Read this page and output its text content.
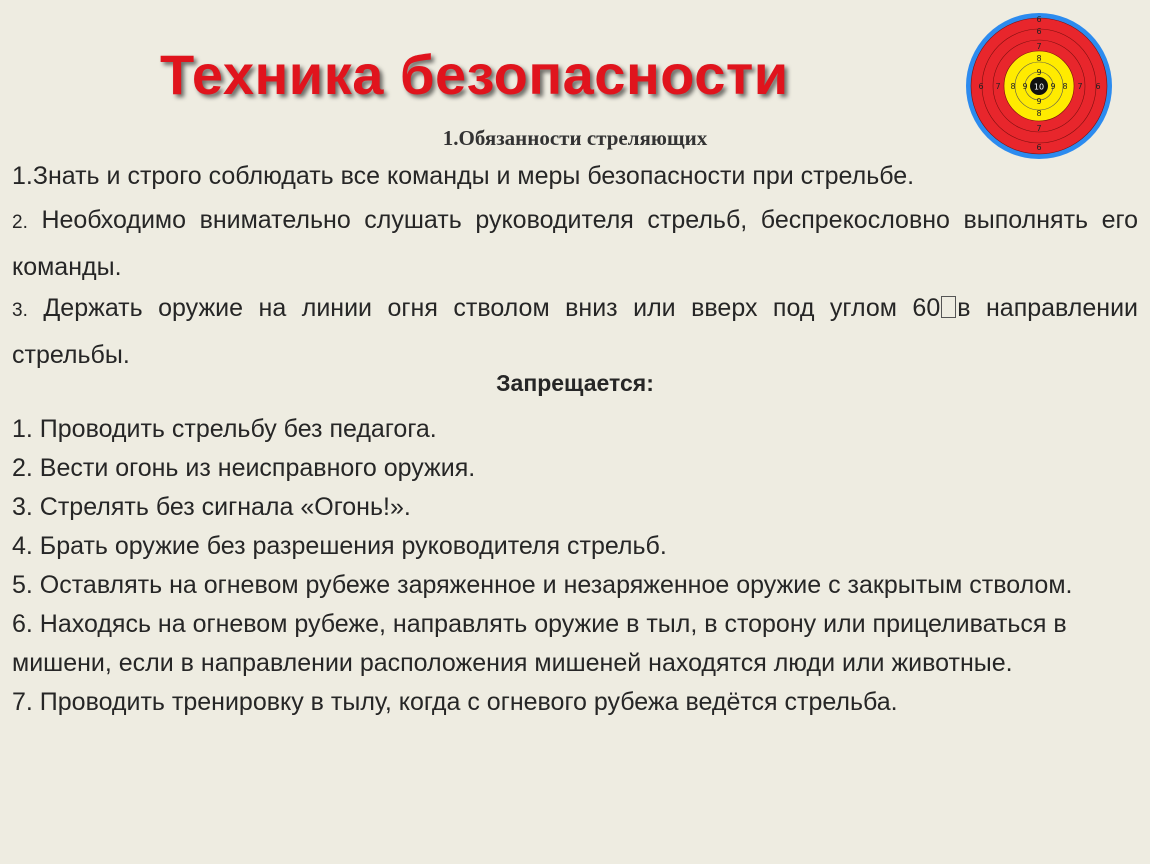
Техника безопасности
6
6
7
8
9
9
8
7
6
6 7 8 9	9 8 7 6
10
1.Обязанности стреляющих
1.Знать и строго соблюдать все команды и меры безопасности при стрельбе.
2. Необходимо внимательно слушать руководителя стрельб, беспрекословно выполнять его команды.
3. Держать оружие на линии огня стволом вниз или вверх под углом 60 в направлении стрельбы.
Запрещается:
1. Проводить стрельбу без педагога.
2. Вести огонь из неисправного оружия.
3. Стрелять без сигнала «Огонь!».
4. Брать оружие без разрешения руководителя стрельб.
5. Оставлять на огневом рубеже заряженное и незаряженное оружие с закрытым стволом.
6. Находясь на огневом рубеже, направлять оружие в тыл, в сторону или прицеливаться в мишени, если в направлении расположения мишеней находятся люди или животные.
7. Проводить тренировку в тылу, когда с огневого рубежа ведётся стрельба.
